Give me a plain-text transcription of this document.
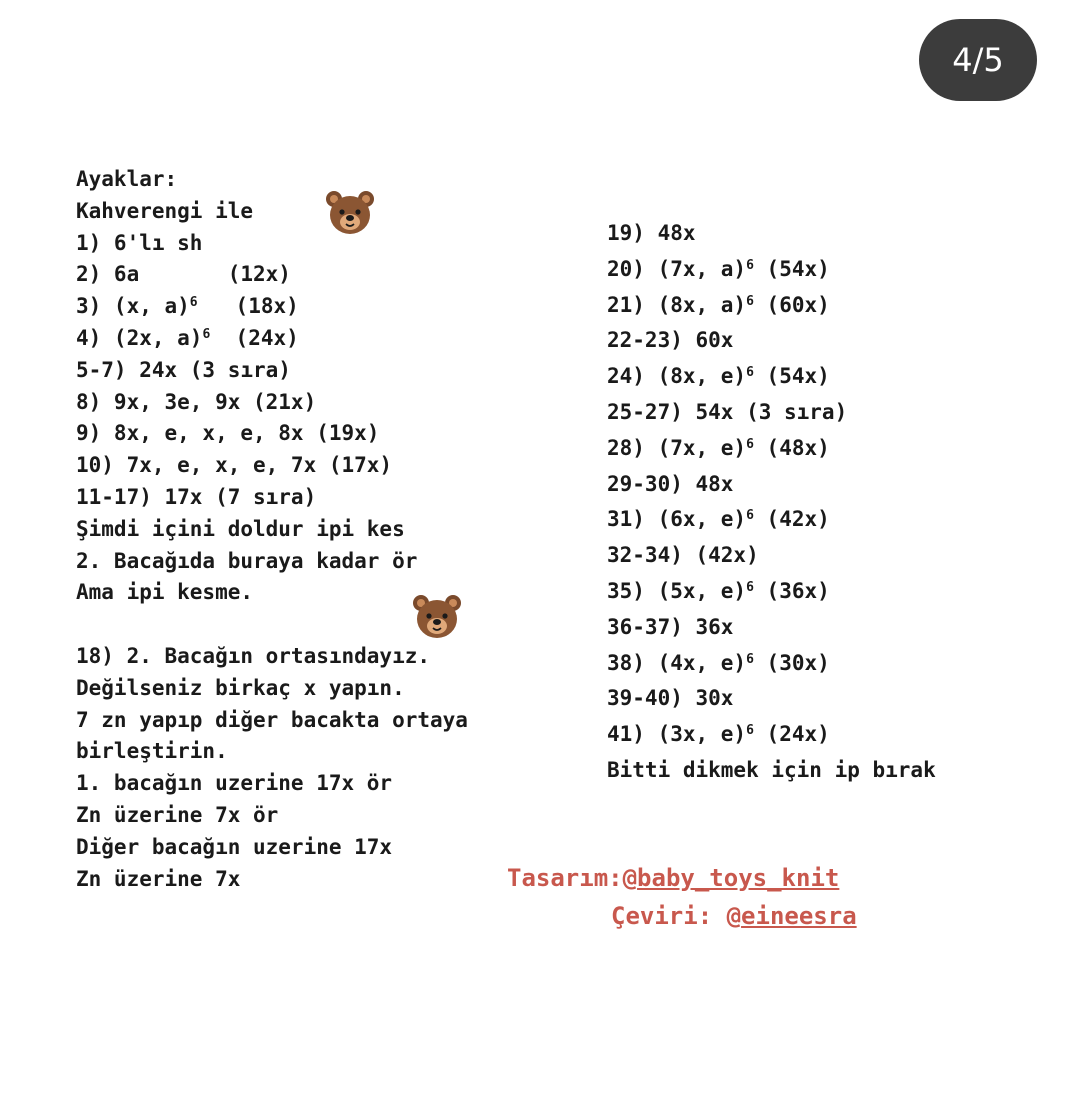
4/5
Ayaklar:
Kahverengi ile
1) 6'lı sh
2) 6a       (12x)
3) (x, a)$^6$   (18x)
4) (2x, a)$^6$  (24x)
5-7) 24x (3 sıra)
8) 9x, 3e, 9x (21x)
9) 8x, e, x, e, 8x (19x)
10) 7x, e, x, e, 7x (17x)
11-17) 17x (7 sıra)
Şimdi içini doldur ipi kes
2. Bacağıda buraya kadar ör
Ama ipi kesme.
18) 2. Bacağın ortasındayız.
Değilseniz birkaç x yapın.
7 zn yapıp diğer bacakta ortaya
birleştirin.
1. bacağın uzerine 17x ör
Zn üzerine 7x ör
Diğer bacağın uzerine 17x
Zn üzerine 7x
19) 48x
20) (7x, a)$^6$ (54x)
21) (8x, a)$^6$ (60x)
22-23) 60x
24) (8x, e)$^6$ (54x)
25-27) 54x (3 sıra)
28) (7x, e)$^6$ (48x)
29-30) 48x
31) (6x, e)$^6$ (42x)
32-34) (42x)
35) (5x, e)$^6$ (36x)
36-37) 36x
38) (4x, e)$^6$ (30x)
39-40) 30x
41) (3x, e)$^6$ (24x)
Bitti dikmek için ip bırak
Tasarım:@baby_toys_knit
Çeviri: @eineesra
